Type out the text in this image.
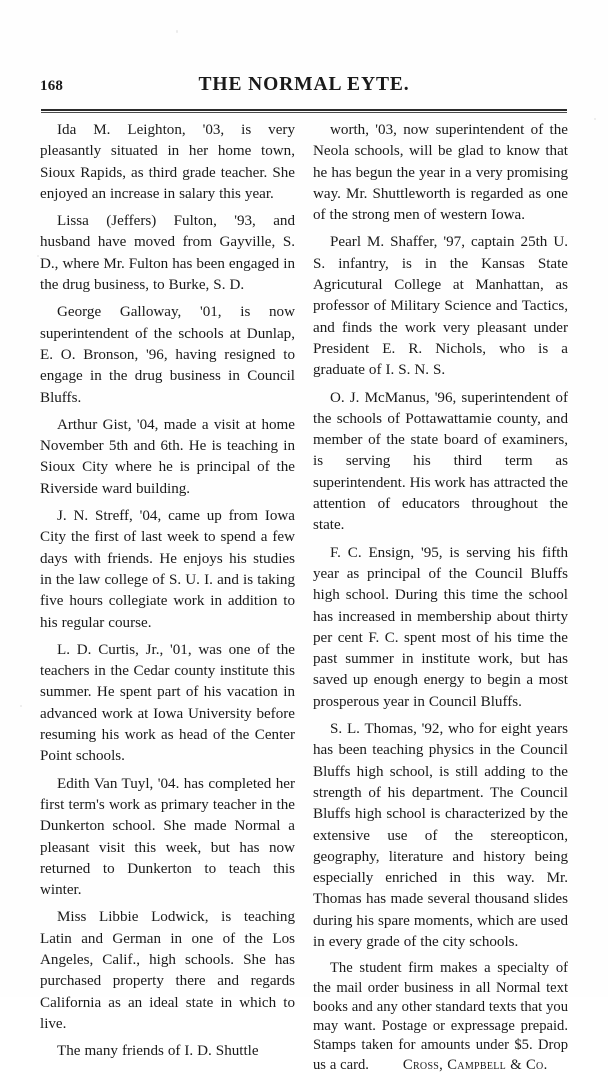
168	THE NORMAL EYTE.

Ida M. Leighton, '03, is very pleasantly situated in her home town, Sioux Rapids, as third grade teacher. She enjoyed an increase in salary this year.

Lissa (Jeffers) Fulton, '93, and husband have moved from Gayville, S. D., where Mr. Fulton has been engaged in the drug business, to Burke, S. D.

George Galloway, '01, is now superintendent of the schools at Dunlap, E. O. Bronson, '96, having resigned to engage in the drug business in Council Bluffs.

Arthur Gist, '04, made a visit at home November 5th and 6th. He is teaching in Sioux City where he is principal of the Riverside ward building.

J. N. Streff, '04, came up from Iowa City the first of last week to spend a few days with friends. He enjoys his studies in the law college of S. U. I. and is taking five hours collegiate work in addition to his regular course.

L. D. Curtis, Jr., '01, was one of the teachers in the Cedar county institute this summer. He spent part of his vacation in advanced work at Iowa University before resuming his work as head of the Center Point schools.

Edith Van Tuyl, '04. has completed her first term's work as primary teacher in the Dunkerton school. She made Normal a pleasant visit this week, but has now returned to Dunkerton to teach this winter.

Miss Libbie Lodwick, is teaching Latin and German in one of the Los Angeles, Calif., high schools. She has purchased property there and regards California as an ideal state in which to live.

The many friends of I. D. Shuttle

worth, '03, now superintendent of the Neola schools, will be glad to know that he has begun the year in a very promising way. Mr. Shuttleworth is regarded as one of the strong men of western Iowa.

Pearl M. Shaffer, '97, captain 25th U. S. infantry, is in the Kansas State Agricutural College at Manhattan, as professor of Military Science and Tactics, and finds the work very pleasant under President E. R. Nichols, who is a graduate of I. S. N. S.

O. J. McManus, '96, superintendent of the schools of Pottawattamie county, and member of the state board of examiners, is serving his third term as superintendent. His work has attracted the attention of educators throughout the state.

F. C. Ensign, '95, is serving his fifth year as principal of the Council Bluffs high school. During this time the school has increased in membership about thirty per cent F. C. spent most of his time the past summer in institute work, but has saved up enough energy to begin a most prosperous year in Council Bluffs.

S. L. Thomas, '92, who for eight years has been teaching physics in the Council Bluffs high school, is still adding to the strength of his department. The Council Bluffs high school is characterized by the extensive use of the stereopticon, geography, literature and history being especially enriched in this way. Mr. Thomas has made several thousand slides during his spare moments, which are used in every grade of the city schools.

The student firm makes a specialty of the mail order business in all Normal text books and any other standard texts that you may want. Postage or expressage prepaid. Stamps taken for amounts under $5. Drop us a card. Cross, Campbell & Co.
